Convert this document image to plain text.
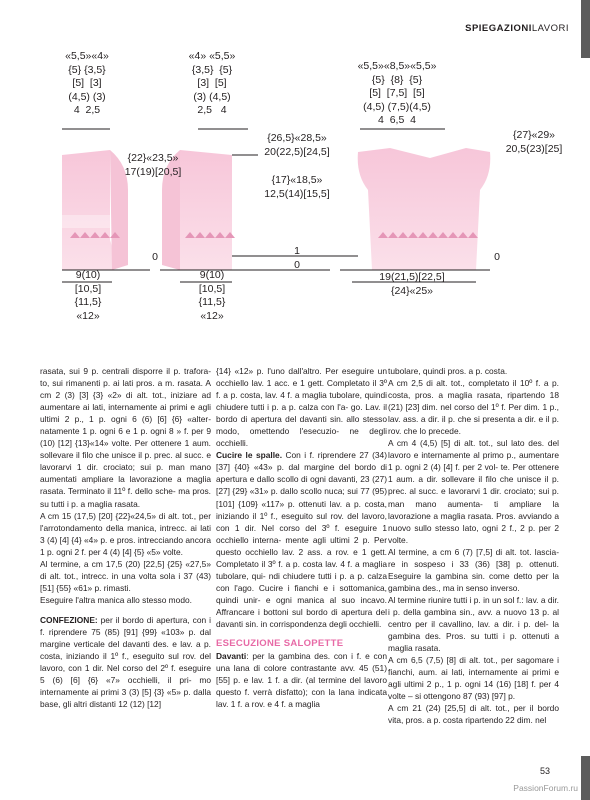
SPIEGAZIONILAVORI
«5,5»«4»
{5} {3,5}
[5]  [3]
(4,5) (3)
4  2,5
{22}«23,5»
17(19)[20,5]
9(10)
[10,5]
{11,5}
«12»
«4» «5,5»
{3,5}  {5}
[3]  [5]
(3) (4,5)
2,5   4
9(10)
[10,5]
{11,5}
«12»
«5,5»«8,5»«5,5»
{5}  {8}  {5}
[5]  [7,5]  [5]
(4,5) (7,5)(4,5)
4  6,5  4
{26,5}«28,5»
20(22,5)[24,5]
{17}«18,5»
12,5(14)[15,5]
{27}«29»
20,5(23)[25]
19(21,5)[22,5]
{24}«25»
0	1
0
0

rasata, sui 9 p. centrali disporre il p. trafora- to, sui rimanenti p. ai lati pros. a m. rasata. A cm 2 (3) [3] {3} «2» di alt. tot., iniziare ad aumentare ai lati, internamente ai primi e agli ultimi 2 p., 1 p. ogni 6 (6) [6] {6} «alter- natamente 1 p. ogni 6 e 1 p. ogni 8 » f. per 9 (10) [12] {13}«14» volte. Per ottenere 1 aum. sollevare il filo che unisce il p. prec. al succ. e lavorarvi 1 dir. crociato; sui p. man mano aumentati ampliare la lavorazione a maglia rasata. Terminato il 11º f. dello sche- ma pros. su tutti i p. a maglia rasata.

A cm 15 (17,5) [20] {22}«24,5» di alt. tot., per l'arrotondamento della manica, intrecc. ai lati 3 (4) [4] {4} «4» p. e pros. intrecciando ancora 1 p. ogni 2 f. per 4 (4) [4] {5} «5» volte.

Al termine, a cm 17,5 (20) [22,5] {25} «27,5» di alt. tot., intrecc. in una volta sola i 37 (43) [51] {55} «61» p. rimasti.

Eseguire l'altra manica allo stesso modo.

CONFEZIONE: per il bordo di apertura, con i f. riprendere 75 (85) [91] {99} «103» p. dal margine verticale del davanti des. e lav. a p. costa, iniziando il 1º f., eseguito sul rov. del lavoro, con 1 dir. Nel corso del 2º f. eseguire 5 (6) [6] {6} «7» occhielli, il pri- mo internamente ai primi 3 (3) [5] {3} «5» p. dalla base, gli altri distanti 12 (12) [12]

{14} «12» p. l'uno dall'altro. Per eseguire un occhiello lav. 1 acc. e 1 gett. Completato il 3º f. a p. costa, lav. 4 f. a maglia tubolare, quindi chiudere tutti i p. a p. calza con l'a- go. Lav. il bordo di apertura del davanti sin. allo stesso modo, omettendo l'esecuzio- ne degli occhielli.

Cucire le spalle. Con i f. riprendere 27 (34) [37] {40} «43» p. dal margine del bordo di apertura e dallo scollo di ogni davanti, 23 (27) [27] {29} «31» p. dallo scollo nuca; sui 77 (95) [101] {109} «117» p. ottenuti lav. a p. costa, iniziando il 1º f., eseguito sul rov. del lavoro, con 1 dir. Nel corso del 3º f. eseguire 1 occhiello interna- mente agli ultimi 2 p. Per questo occhiello lav. 2 ass. a rov. e 1 gett. Completato il 3º f. a p. costa lav. 4 f. a maglia tubolare, qui- ndi chiudere tutti i p. a p. calza con l'ago. Cucire i fianchi e i sottomanica, quindi unir- e ogni manica al suo incavo. Affrancare i bottoni sul bordo di apertura del davanti sin. in corrispondenza degli occhielli.

ESECUZIONE SALOPETTE

Davanti: per la gambina des. con i f. e con una lana di colore contrastante avv. 45 (51) [55] p. e lav. 1 f. a dir. (al termine del lavoro questo f. verrà disfatto); con la lana indicata lav. 1 f. a rov. e 4 f. a maglia

tubolare, quindi pros. a p. costa.

A cm 2,5 di alt. tot., completato il 10º f. a p. costa, pros. a maglia rasata, ripartendo 18 (21) [23] dim. nel corso del 1º f. Per dim. 1 p., lav. ass. a dir. il p. che si presenta a dir. e il p. rov. che lo precede.

A cm 4 (4,5) [5] di alt. tot., sul lato des. del lavoro e internamente al primo p., aumentare 1 p. ogni 2 (4) [4] f. per 2 vol- te. Per ottenere 1 aum. a dir. sollevare il filo che unisce il p. prec. al succ. e lavorarvi 1 dir. crociato; sui p. man mano aumenta- ti ampliare la lavorazione a maglia rasata. Pros. avviando a nuovo sullo stesso lato, ogni 2 f., 2 p. per 2 volte.

Al termine, a cm 6 (7) [7,5] di alt. tot. lascia- re in sospeso i 33 (36) [38] p. ottenuti. Eseguire la gambina sin. come detto per la gambina des., ma in senso inverso.

Al termine riunire tutti i p. in un sol f.: lav. a dir. i p. della gambina sin., avv. a nuovo 13 p. al centro per il cavallino, lav. a dir. i p. del- la gambina des. Pros. su tutti i p. ottenuti a maglia rasata.

A cm 6,5 (7,5) [8] di alt. tot., per sagomare i fianchi, aum. ai lati, internamente ai primi e agli ultimi 2 p., 1 p. ogni 14 (16) [18] f. per 4 volte – si ottengono 87 (93) [97] p.

A cm 21 (24) [25,5] di alt. tot., per il bordo vita, pros. a p. costa ripartendo 22 dim. nel

53
PassionForum.ru
